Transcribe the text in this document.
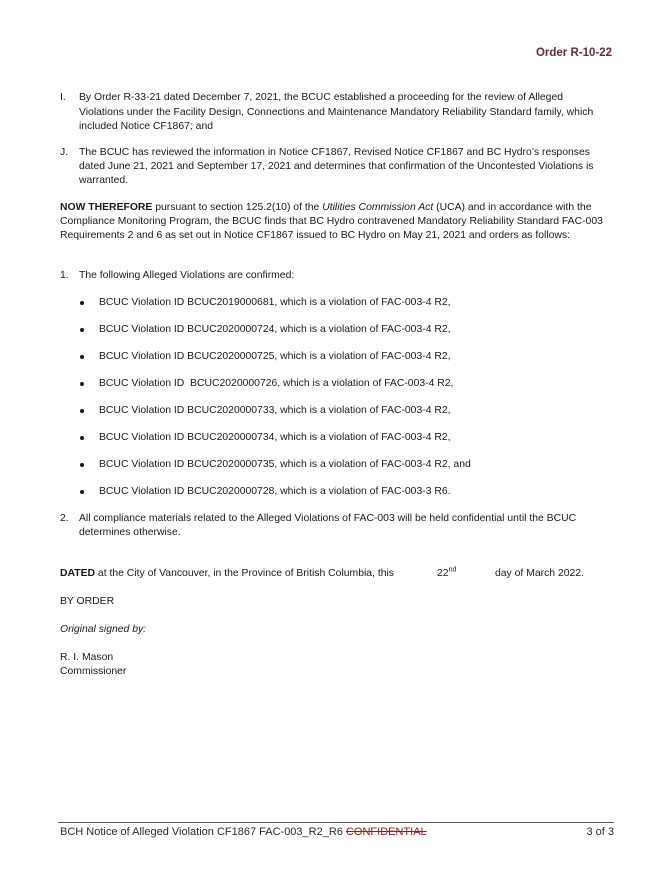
Order R-10-22
I. By Order R-33-21 dated December 7, 2021, the BCUC established a proceeding for the review of Alleged
Violations under the Facility Design, Connections and Maintenance Mandatory Reliability Standard family, which
included Notice CF1867; and
J. The BCUC has reviewed the information in Notice CF1867, Revised Notice CF1867 and BC Hydro’s responses
dated June 21, 2021 and September 17, 2021 and determines that confirmation of the Uncontested Violations is
warranted.
NOW THEREFORE pursuant to section 125.2(10) of the Utilities Commission Act (UCA) and in accordance with the
Compliance Monitoring Program, the BCUC finds that BC Hydro contravened Mandatory Reliability Standard FAC-003
Requirements 2 and 6 as set out in Notice CF1867 issued to BC Hydro on May 21, 2021 and orders as follows:
1. The following Alleged Violations are confirmed:
BCUC Violation ID BCUC2019000681, which is a violation of FAC-003-4 R2,
BCUC Violation ID BCUC2020000724, which is a violation of FAC-003-4 R2,
BCUC Violation ID BCUC2020000725, which is a violation of FAC-003-4 R2,
BCUC Violation ID  BCUC2020000726, which is a violation of FAC-003-4 R2,
BCUC Violation ID BCUC2020000733, which is a violation of FAC-003-4 R2,
BCUC Violation ID BCUC2020000734, which is a violation of FAC-003-4 R2,
BCUC Violation ID BCUC2020000735, which is a violation of FAC-003-4 R2, and
BCUC Violation ID BCUC2020000728, which is a violation of FAC-003-3 R6.
2. All compliance materials related to the Alleged Violations of FAC-003 will be held confidential until the BCUC
determines otherwise.
DATED at the City of Vancouver, in the Province of British Columbia, this	22nd	day of March 2022.
BY ORDER
Original signed by:
R. I. Mason
Commissioner
BCH Notice of Alleged Violation CF1867 FAC-003_R2_R6 CONFIDENTIAL	3 of 3
